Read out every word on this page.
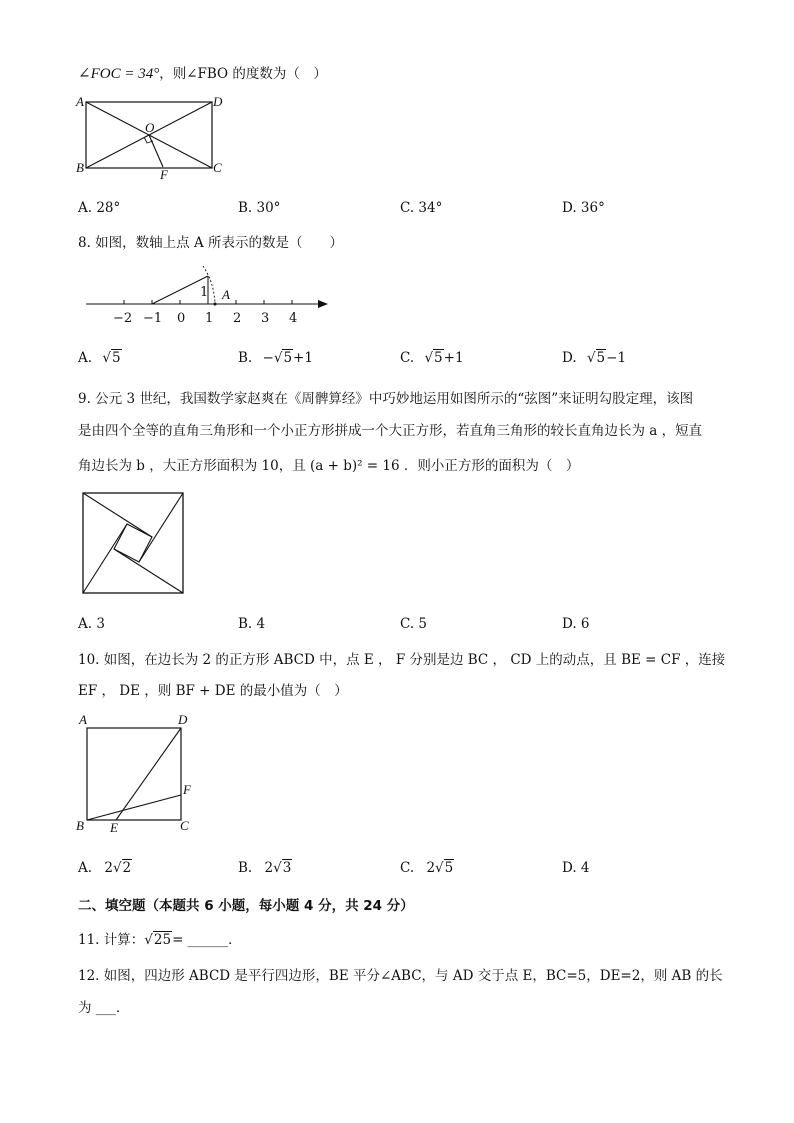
∠FOC = 34°，则∠FBO 的度数为（　）
A	D
O
B	C
F
A. 28°	B. 30°	C. 34°	D. 36°
8. 如图，数轴上点 A 所表示的数是（　　）
−2 −1 0 1 2 3 4
1 A
A. √5	B. −√5+1	C. √5+1	D. √5−1
9. 公元 3 世纪，我国数学家赵爽在《周髀算经》中巧妙地运用如图所示的“弦图”来证明勾股定理，该图
是由四个全等的直角三角形和一个小正方形拼成一个大正方形，若直角三角形的较长直角边长为 a ，短直
角边长为 b ，大正方形面积为 10，且 (a + b)² = 16 ．则小正方形的面积为（　）
A. 3	B. 4	C. 5	D. 6
10. 如图，在边长为 2 的正方形 ABCD 中，点 E ， F 分别是边 BC ， CD 上的动点，且 BE = CF ，连接
EF ， DE ，则 BF + DE 的最小值为（　）
A	D
F
B E	C
A. 2√2	B. 2√3	C. 2√5	D. 4
二、填空题（本题共 6 小题，每小题 4 分，共 24 分）
11. 计算：√25= ______．
12. 如图，四边形 ABCD 是平行四边形，BE 平分∠ABC，与 AD 交于点 E，BC=5，DE=2，则 AB 的长
为 ___．
